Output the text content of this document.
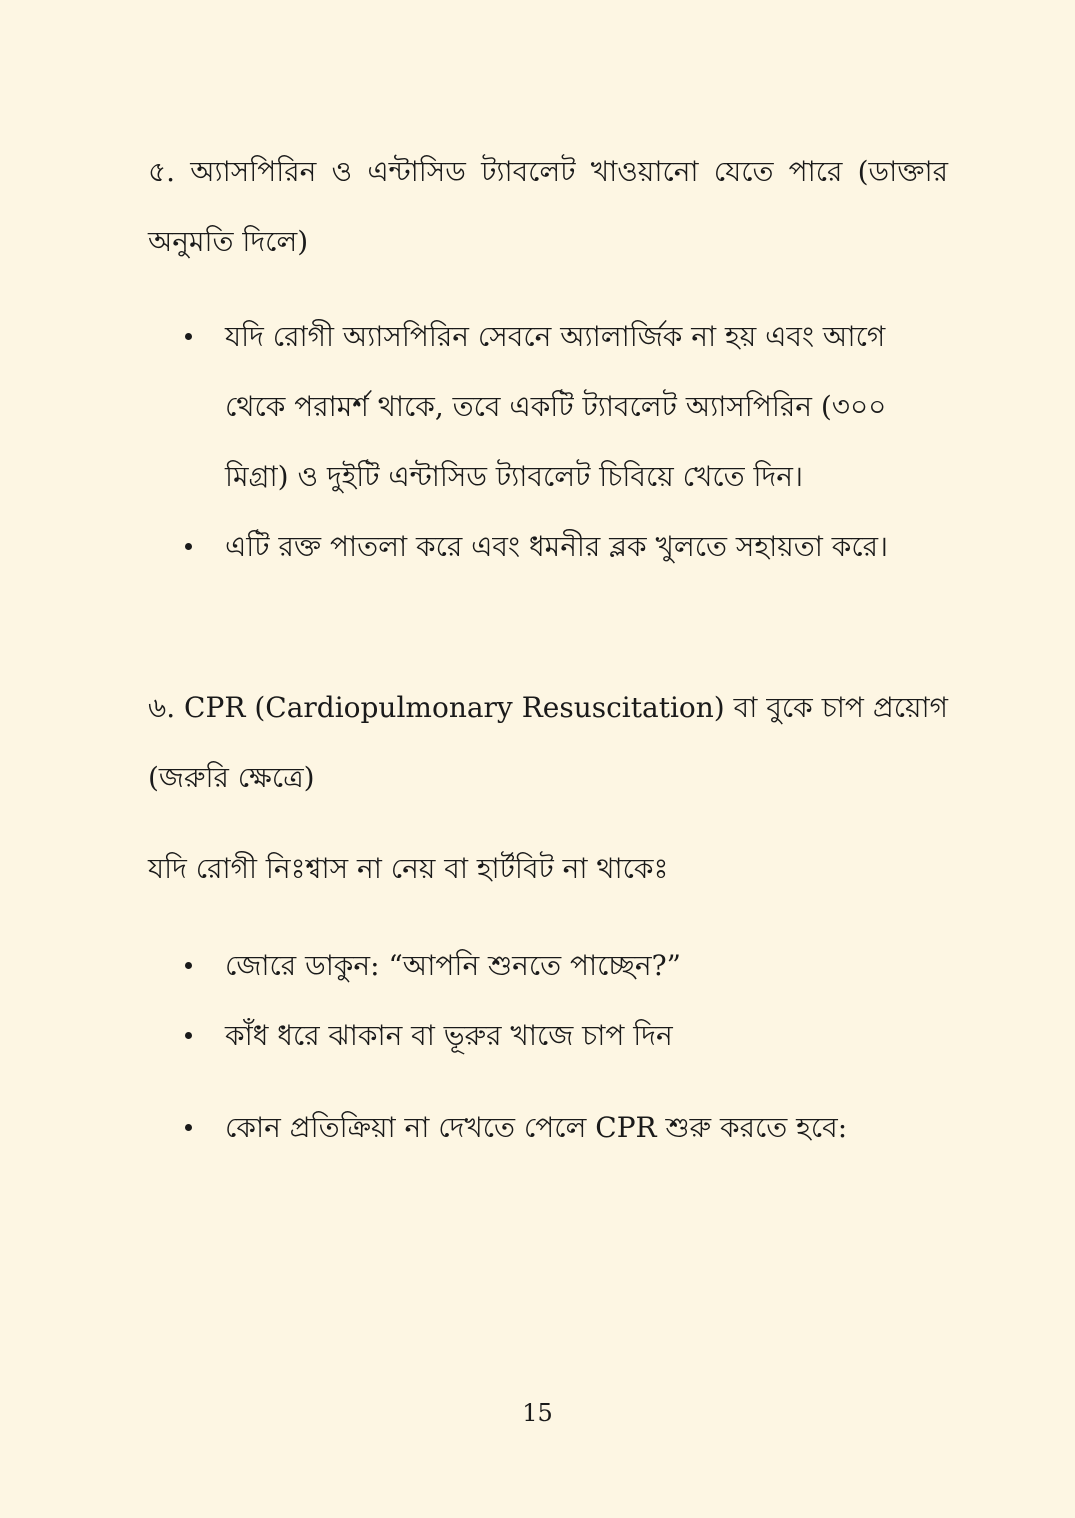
৫. অ্যাসপিরিন ও এন্টাসিড ট্যাবলেট খাওয়ানো যেতে পারে (ডাক্তার অনুমতি দিলে)

যদি রোগী অ্যাসপিরিন সেবনে অ্যালার্জিক না হয় এবং আগে থেকে পরামর্শ থাকে, তবে একটি ট্যাবলেট অ্যাসপিরিন (৩০০ মিগ্রা) ও দুইটি এন্টাসিড ট্যাবলেট চিবিয়ে খেতে দিন।
এটি রক্ত পাতলা করে এবং ধমনীর ব্লক খুলতে সহায়তা করে।

৬. CPR (Cardiopulmonary Resuscitation) বা বুকে চাপ প্রয়োগ (জরুরি ক্ষেত্রে)

যদি রোগী নিঃশ্বাস না নেয় বা হার্টবিট না থাকেঃ

জোরে ডাকুন: “আপনি শুনতে পাচ্ছেন?”
কাঁধ ধরে ঝাকান বা ভূরুর খাজে চাপ দিন
কোন প্রতিক্রিয়া না দেখতে পেলে CPR শুরু করতে হবে:
15
